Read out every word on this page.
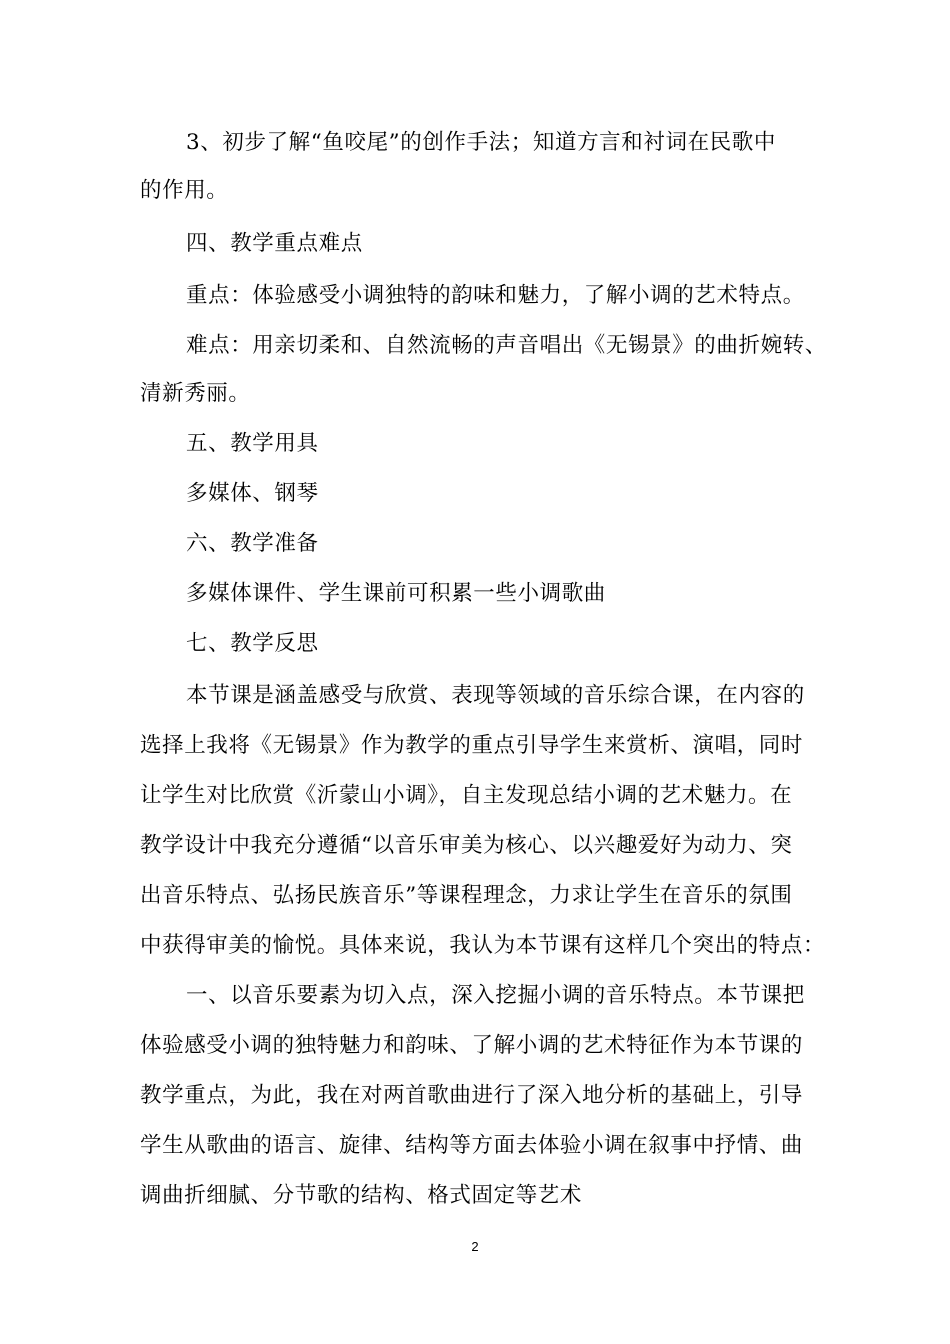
3、初步了解“鱼咬尾”的创作手法；知道方言和衬词在民歌中
的作用。
四、教学重点难点
重点：体验感受小调独特的韵味和魅力，了解小调的艺术特点。
难点：用亲切柔和、自然流畅的声音唱出《无锡景》的曲折婉转、
清新秀丽。
五、教学用具
多媒体、钢琴
六、教学准备
多媒体课件、学生课前可积累一些小调歌曲
七、教学反思
本节课是涵盖感受与欣赏、表现等领域的音乐综合课，在内容的
选择上我将《无锡景》作为教学的重点引导学生来赏析、演唱，同时
让学生对比欣赏《沂蒙山小调》，自主发现总结小调的艺术魅力。在
教学设计中我充分遵循“以音乐审美为核心、以兴趣爱好为动力、突
出音乐特点、弘扬民族音乐”等课程理念，力求让学生在音乐的氛围
中获得审美的愉悦。具体来说，我认为本节课有这样几个突出的特点：
一、以音乐要素为切入点，深入挖掘小调的音乐特点。本节课把
体验感受小调的独特魅力和韵味、了解小调的艺术特征作为本节课的
教学重点，为此，我在对两首歌曲进行了深入地分析的基础上，引导
学生从歌曲的语言、旋律、结构等方面去体验小调在叙事中抒情、曲
调曲折细腻、分节歌的结构、格式固定等艺术
2
